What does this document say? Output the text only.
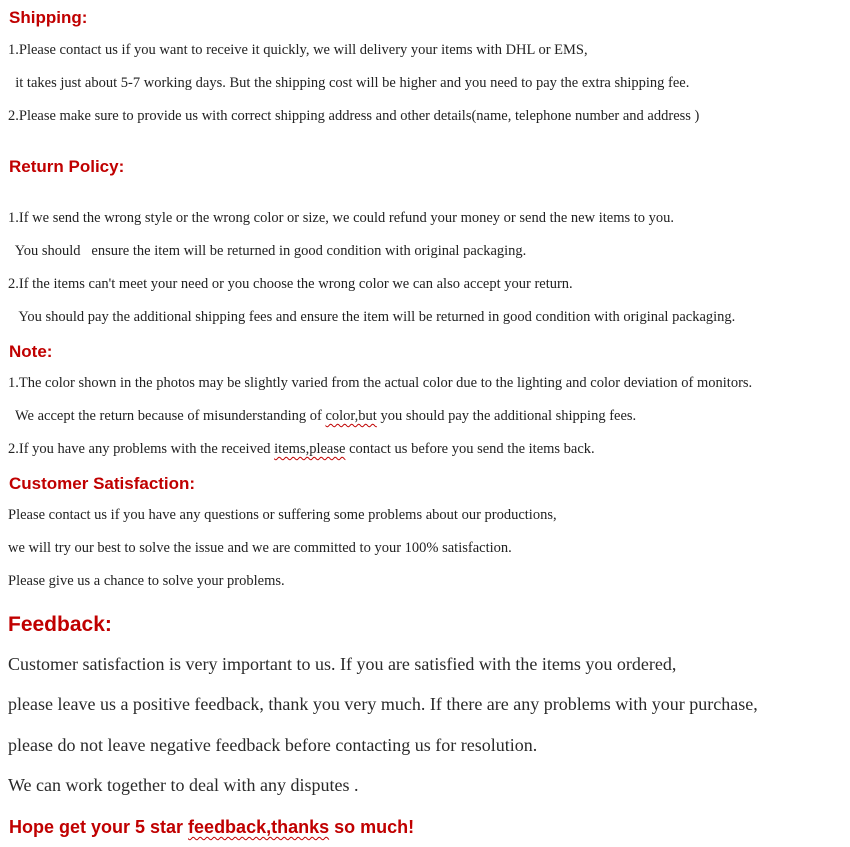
Shipping:

1.Please contact us if you want to receive it quickly, we will delivery your items with DHL or EMS,

it takes just about 5-7 working days. But the shipping cost will be higher and you need to pay the extra shipping fee.

2.Please make sure to provide us with correct shipping address and other details(name, telephone number and address )

Return Policy:

1.If we send the wrong style or the wrong color or size, we could refund your money or send the new items to you.

You should   ensure the item will be returned in good condition with original packaging.

2.If the items can't meet your need or you choose the wrong color we can also accept your return.

You should pay the additional shipping fees and ensure the item will be returned in good condition with original packaging.

Note:

1.The color shown in the photos may be slightly varied from the actual color due to the lighting and color deviation of monitors.

We accept the return because of misunderstanding of color,but you should pay the additional shipping fees.

2.If you have any problems with the received items,please contact us before you send the items back.

Customer Satisfaction:

Please contact us if you have any questions or suffering some problems about our productions,

we will try our best to solve the issue and we are committed to your 100% satisfaction.

Please give us a chance to solve your problems.

Feedback:

Customer satisfaction is very important to us. If you are satisfied with the items you ordered,

please leave us a positive feedback, thank you very much. If there are any problems with your purchase,

please do not leave negative feedback before contacting us for resolution.

We can work together to deal with any disputes .

Hope get your 5 star feedback,thanks so much!
